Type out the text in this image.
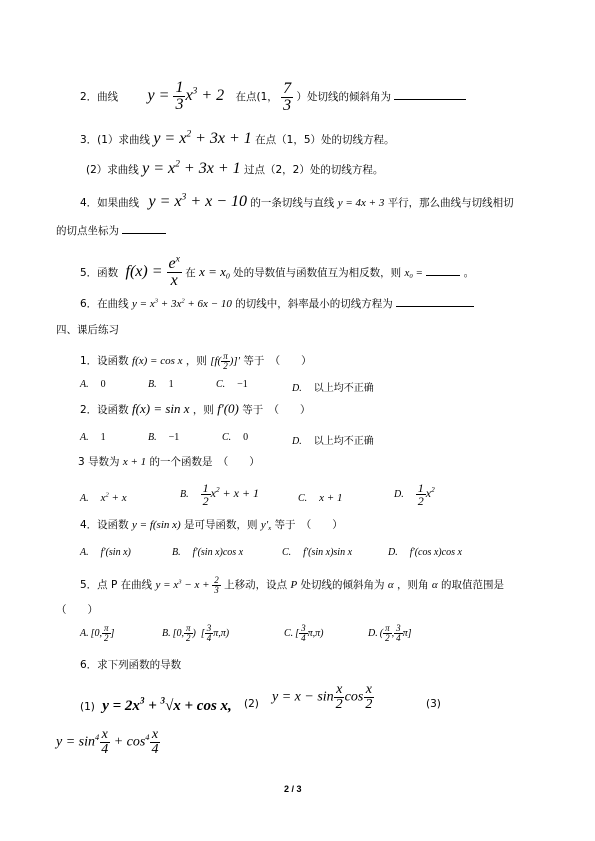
2．曲线 $y = \frac{1}{3} x^3 + 2$ 在点(1， $\frac{7}{3}$ ）处切线的倾斜角为
3．(1）求曲线 $y = x^2 + 3x + 1$ 在点（1，5）处的切线方程。
(2）求曲线 $y = x^2 + 3x + 1$ 过点（2，2）处的切线方程。
4．如果曲线 $y = x^3 + x - 10$ 的一条切线与直线 y = 4x + 3 平行，那么曲线与切线相切
的切点坐标为
5．函数 $f(x) = \frac{e^x}{x}$ 在 $x = x_0$ 处的导数值与函数值互为相反数，则 $x_0$ =	。
6．在曲线 $y = x^3 + 3x^2 + 6x - 10$ 的切线中，斜率最小的切线方程为
四、课后练习
1．设函数 f(x) = cos x ，则 [$f( \frac{\pi}{2}$ )]′ 等于　（　　）
A. 0	B. 1	C. −1	D. 以上均不正确
2．设函数 f(x) = sin x ，则 f′(0) 等于　（　　）
A. 1	B. −1	C. 0	D. 以上均不正确
3 导数为 x + 1 的一个函数是　（　　）
A. $x^2 + x$	B. $\frac{1}{2} x^2 + x + 1$	C. x + 1	D. $\frac{1}{2} x^2$
4．设函数 y = f(sin x) 是可导函数，则 $y'_x$ 等于　（　　）
A. f′(sin x)	B. f′(sin x)cos x	C. f′(sin x)sin x	D. f′(cos x)cos x
5．点 P 在曲线 $y = x^3 - x + \frac{2}{3}$ 上移动，设点 P 处切线的倾斜角为 α ，则角 α 的取值范围是
（　　）
A. [0, $\frac{\pi}{2}$ ]	B. [0, $\frac{\pi}{2}$ )  [ $\frac{3}{4} \pi,\pi$)	C. [ $\frac{3}{4} \pi,\pi$)	D. ( $\frac{\pi}{2}$ , $\frac{3}{4} \pi$]
6．求下列函数的导数
(1) $y = 2x^3 + ^3√x + \cos x$, (2) $y = x - \sin \frac{x}{2}$ $\cos \frac{x}{2}$	(3)
$y = \sin^4 \frac{x}{4} + \cos^4 \frac{x}{4}$
2 / 3
